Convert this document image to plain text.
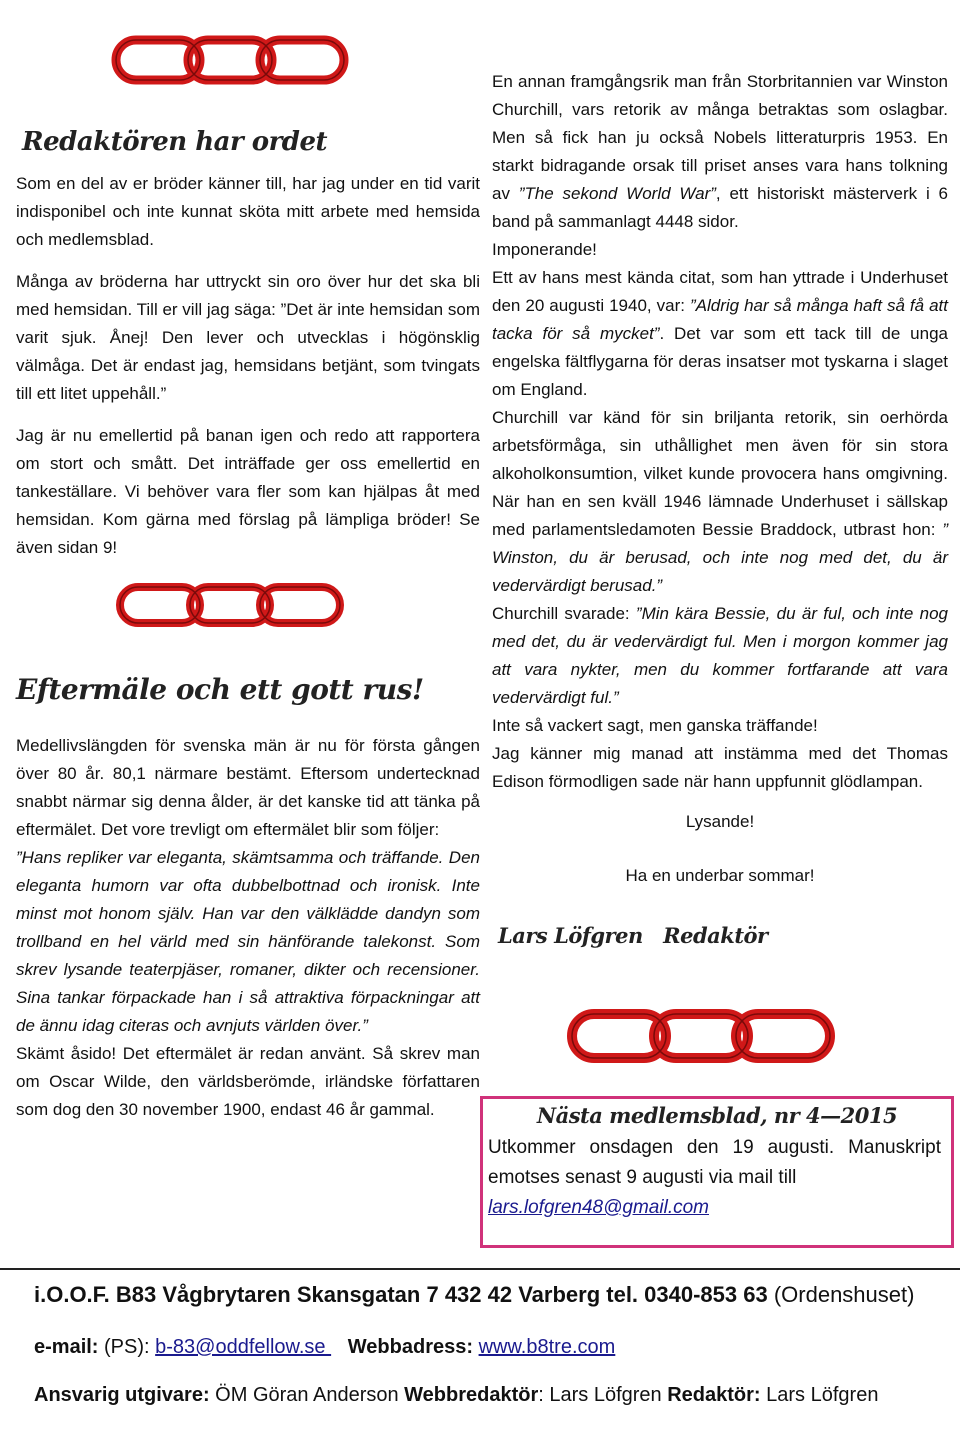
Redaktören har ordet

Som en del av er bröder känner till, har jag under en tid varit indisponibel och inte kunnat sköta mitt arbete med hemsida och medlemsblad.

Många av bröderna har uttryckt sin oro över hur det ska bli med hemsidan. Till er vill jag säga: ”Det är inte hemsidan som varit sjuk. Ånej! Den lever och utvecklas i högönsklig välmåga. Det är endast jag, hemsidans betjänt, som tvingats till ett litet uppehåll.”

Jag är nu emellertid på banan igen och redo att rapportera om stort och smått. Det inträffade ger oss emellertid en tankeställare. Vi behöver vara fler som kan hjälpas åt med hemsidan. Kom gärna med förslag på lämpliga bröder! Se även sidan 9!

Eftermäle och ett gott rus!

Medellivslängden för svenska män är nu för första gången över 80 år. 80,1 närmare bestämt. Eftersom undertecknad snabbt närmar sig denna ålder, är det kanske tid att tänka på eftermälet. Det vore trevligt om eftermälet blir som följer:

”Hans repliker var eleganta, skämtsamma och träffande. Den eleganta humorn var ofta dubbelbottnad och ironisk. Inte minst mot honom själv. Han var den välklädde dandyn som trollband en hel värld med sin hänförande talekonst. Som skrev lysande teaterpjäser, romaner, dikter och recensioner. Sina tankar förpackade han i så attraktiva förpackningar att de ännu idag citeras och avnjuts världen över.”

Skämt åsido! Det eftermälet är redan använt. Så skrev man om Oscar Wilde, den världsberömde, irländske författaren som dog den 30 november 1900, endast 46 år gammal.

En annan framgångsrik man från Storbritannien var Winston Churchill, vars retorik av många betraktas som oslagbar. Men så fick han ju också Nobels litteraturpris 1953. En starkt bidragande orsak till priset anses vara hans tolkning av ”The sekond World War”, ett historiskt mästerverk i 6 band på sammanlagt 4448 sidor.

Imponerande!

Ett av hans mest kända citat, som han yttrade i Underhuset den 20 augusti 1940, var: ”Aldrig har så många haft så få att tacka för så mycket”. Det var som ett tack till de unga engelska fältflygarna för deras insatser mot tyskarna i slaget om England.

Churchill var känd för sin briljanta retorik, sin oerhörda arbetsförmåga, sin uthållighet men även för sin stora alkoholkonsumtion, vilket kunde provocera hans omgivning. När han en sen kväll 1946 lämnade Underhuset i sällskap med parlamentsledamoten Bessie Braddock, utbrast hon: ” Winston, du är berusad, och inte nog med det, du är vedervärdigt berusad.”

Churchill svarade: ”Min kära Bessie, du är ful, och inte nog med det, du är vedervärdigt ful. Men i morgon kommer jag att vara nykter, men du kommer fortfarande att vara vedervärdigt ful.”

Inte så vackert sagt, men ganska träffande!

Jag känner mig manad att instämma med det Thomas Edison förmodligen sade när hann uppfunnit glödlampan.

Lysande!

Ha en underbar sommar!

Lars Löfgren   Redaktör

Nästa medlemsblad, nr 4—2015
Utkommer onsdagen den 19 augusti. Manuskript emotses senast 9 augusti via mail till
lars.lofgren48@gmail.com
i.O.O.F. B83 Vågbrytaren Skansgatan 7 432 42 Varberg tel. 0340-853 63 (Ordenshuset)
e-mail: (PS): b-83@oddfellow.se    Webbadress: www.b8tre.com
Ansvarig utgivare: ÖM Göran Anderson Webbredaktör: Lars Löfgren Redaktör: Lars Löfgren
